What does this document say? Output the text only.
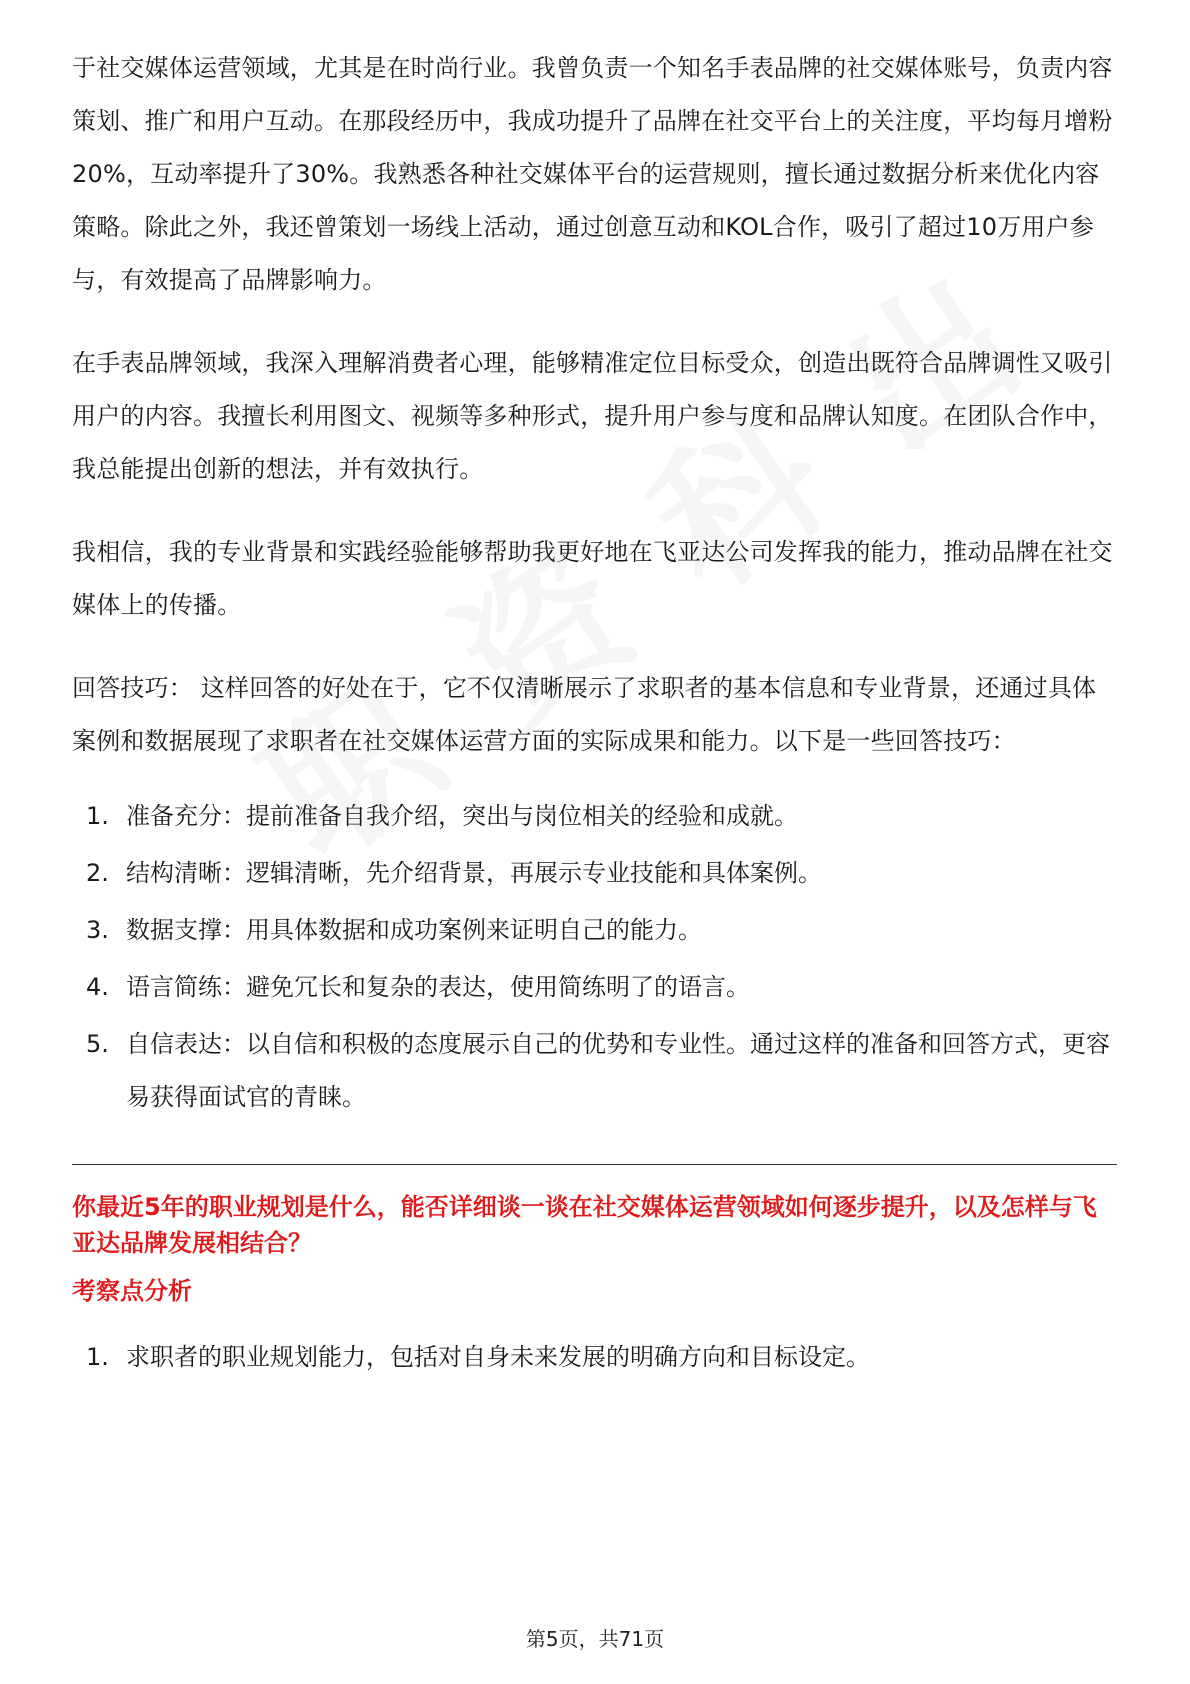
于社交媒体运营领域，尤其是在时尚行业。我曾负责一个知名手表品牌的社交媒体账号，负责内容策划、推广和用户互动。在那段经历中，我成功提升了品牌在社交平台上的关注度，平均每月增粉20%，互动率提升了30%。我熟悉各种社交媒体平台的运营规则，擅长通过数据分析来优化内容策略。除此之外，我还曾策划一场线上活动，通过创意互动和KOL合作，吸引了超过10万用户参与，有效提高了品牌影响力。

在手表品牌领域，我深入理解消费者心理，能够精准定位目标受众，创造出既符合品牌调性又吸引用户的内容。我擅长利用图文、视频等多种形式，提升用户参与度和品牌认知度。在团队合作中，我总能提出创新的想法，并有效执行。

我相信，我的专业背景和实践经验能够帮助我更好地在飞亚达公司发挥我的能力，推动品牌在社交媒体上的传播。

回答技巧： 这样回答的好处在于，它不仅清晰展示了求职者的基本信息和专业背景，还通过具体案例和数据展现了求职者在社交媒体运营方面的实际成果和能力。以下是一些回答技巧：

1. 准备充分：提前准备自我介绍，突出与岗位相关的经验和成就。
2. 结构清晰：逻辑清晰，先介绍背景，再展示专业技能和具体案例。
3. 数据支撑：用具体数据和成功案例来证明自己的能力。
4. 语言简练：避免冗长和复杂的表达，使用简练明了的语言。
5. 自信表达：以自信和积极的态度展示自己的优势和专业性。通过这样的准备和回答方式，更容易获得面试官的青睐。

你最近5年的职业规划是什么，能否详细谈一谈在社交媒体运营领域如何逐步提升，以及怎样与飞亚达品牌发展相结合？

考察点分析

1. 求职者的职业规划能力，包括对自身未来发展的明确方向和目标设定。
第5页，共71页
